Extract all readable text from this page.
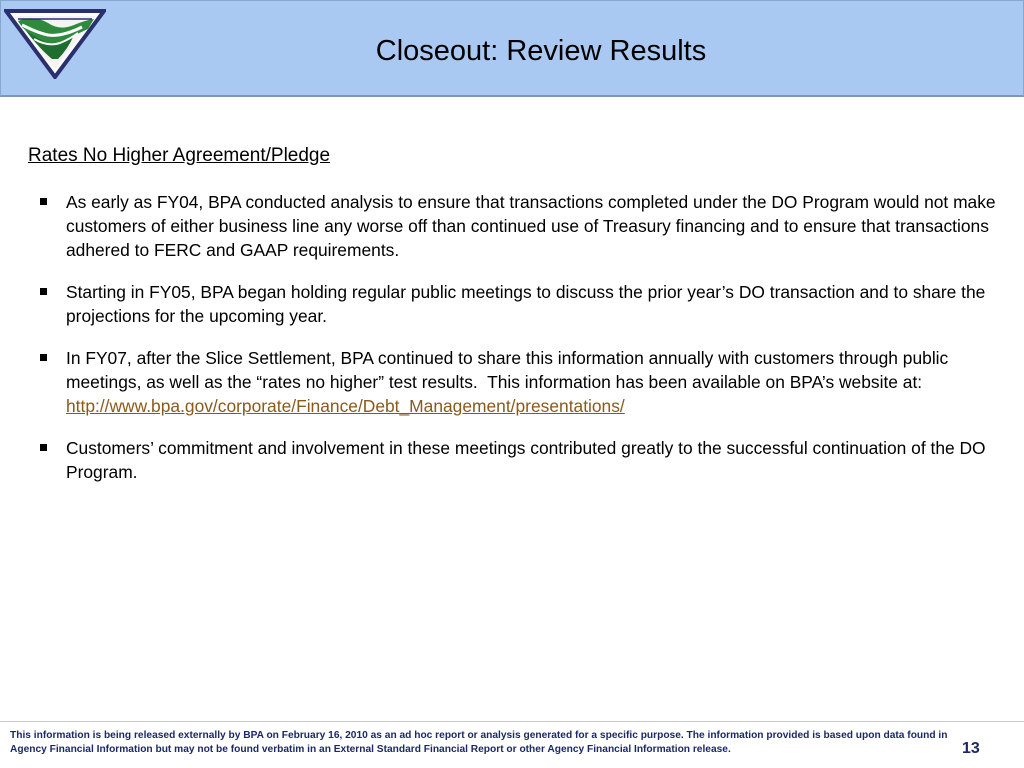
Closeout: Review Results
Rates No Higher Agreement/Pledge
As early as FY04, BPA conducted analysis to ensure that transactions completed under the DO Program would not make customers of either business line any worse off than continued use of Treasury financing and to ensure that transactions adhered to FERC and GAAP requirements.
Starting in FY05, BPA began holding regular public meetings to discuss the prior year’s DO transaction and to share the projections for the upcoming year.
In FY07, after the Slice Settlement, BPA continued to share this information annually with customers through public meetings, as well as the “rates no higher” test results.  This information has been available on BPA’s website at:  http://www.bpa.gov/corporate/Finance/Debt_Management/presentations/
Customers’ commitment and involvement in these meetings contributed greatly to the successful continuation of the DO Program.
This information is being released externally by BPA on February 16, 2010 as an ad hoc report or analysis generated for a specific purpose. The information provided is based upon data found in Agency Financial Information but may not be found verbatim in an External Standard Financial Report or other Agency Financial Information release.	13
